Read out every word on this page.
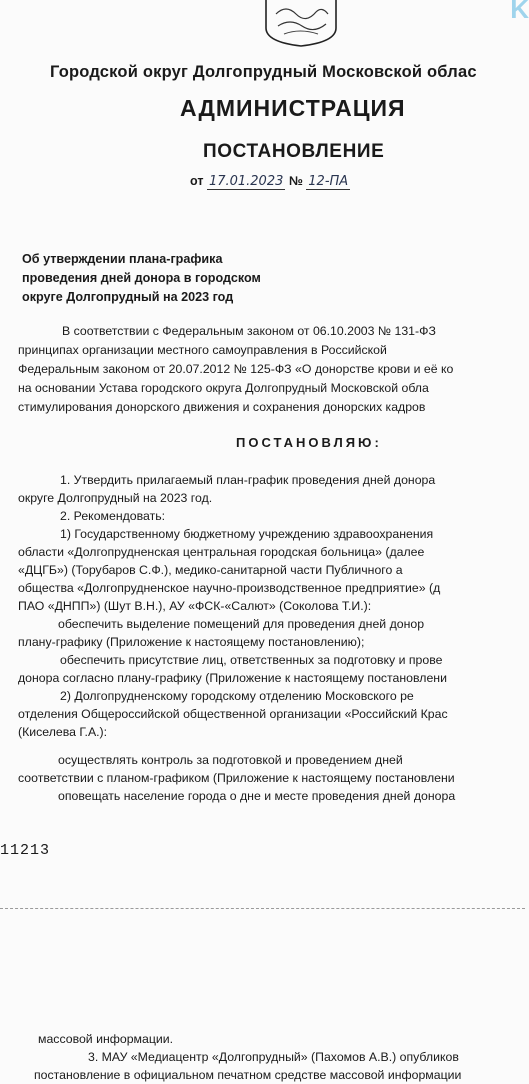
K
Городской округ Долгопрудный Московской облас
АДМИНИСТРАЦИЯ
ПОСТАНОВЛЕНИЕ
от 17.01.2023 № 12-ПА
Об утверждении плана-графика
проведения дней донора в городском
округе Долгопрудный на 2023 год
В соответствии с Федеральным законом от 06.10.2003 № 131-ФЗ
принципах организации местного самоуправления в Российской
Федеральным законом от 20.07.2012 № 125-ФЗ «О донорстве крови и её ко
на основании Устава городского округа Долгопрудный Московской обла
стимулирования донорского движения и сохранения донорских кадров
ПОСТАНОВЛЯЮ:
1. Утвердить прилагаемый план-график проведения дней донора
округе Долгопрудный на 2023 год.
2. Рекомендовать:
1) Государственному бюджетному учреждению здравоохранения
области «Долгопрудненская центральная городская больница» (далее
«ДЦГБ») (Торубаров С.Ф.), медико-санитарной части Публичного а
общества «Долгопрудненское научно-производственное предприятие» (д
ПАО «ДНПП») (Шут В.Н.), АУ «ФСК-«Салют» (Соколова Т.И.):
обеспечить выделение помещений для проведения дней донор
плану-графику (Приложение к настоящему постановлению);
обеспечить присутствие лиц, ответственных за подготовку и прове
донора согласно плану-графику (Приложение к настоящему постановлени
2) Долгопрудненскому городскому отделению Московского ре
отделения Общероссийской общественной организации «Российский Крас
(Киселева Г.А.):
осуществлять контроль за подготовкой и проведением дней
соответствии с планом-графиком (Приложение к настоящему постановлени
оповещать население города о дне и месте проведения дней донора
11213
массовой информации.
3. МАУ «Медиацентр «Долгопрудный» (Пахомов А.В.) опубликов
постановление в официальном печатном средстве массовой информации
